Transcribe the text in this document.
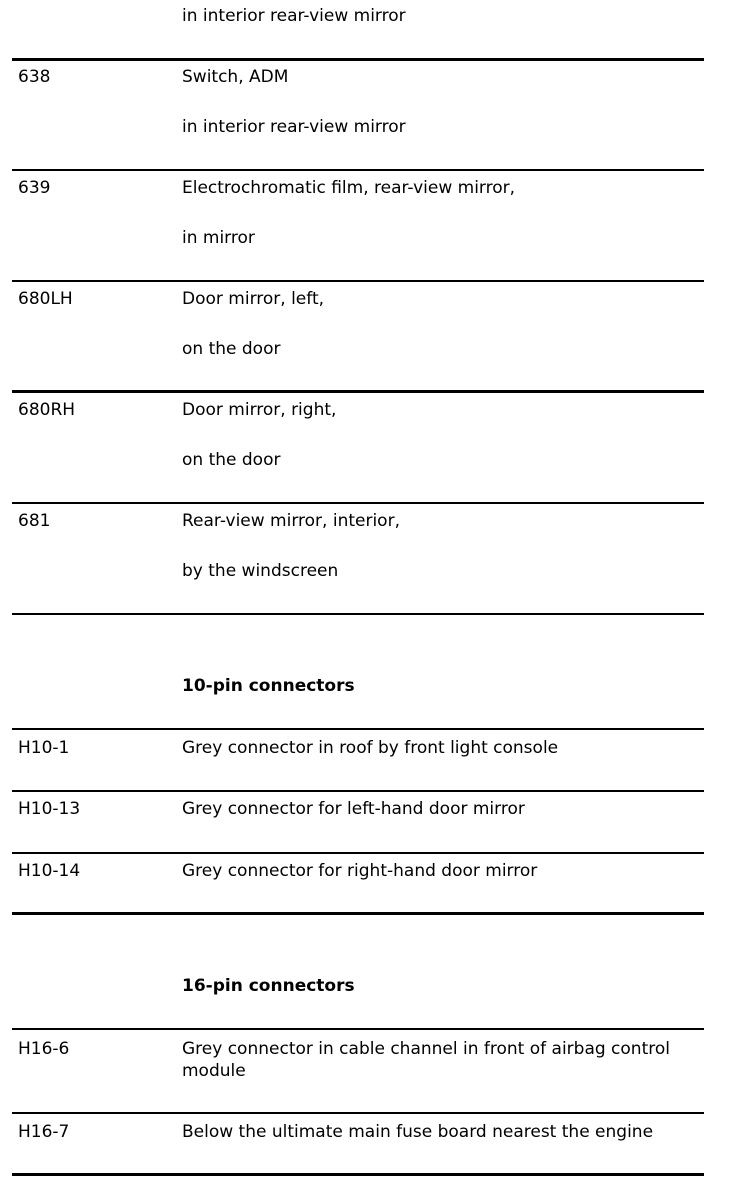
in interior rear-view mirror
638	Switch, ADM
in interior rear-view mirror
639	Electrochromatic film, rear-view mirror,
in mirror
680LH	Door mirror, left,
on the door
680RH	Door mirror, right,
on the door
681	Rear-view mirror, interior,
by the windscreen
10-pin connectors
H10-1	Grey connector in roof by front light console
H10-13	Grey connector for left-hand door mirror
H10-14	Grey connector for right-hand door mirror
16-pin connectors
H16-6	Grey connector in cable channel in front of airbag control module
H16-7	Below the ultimate main fuse board nearest the engine
